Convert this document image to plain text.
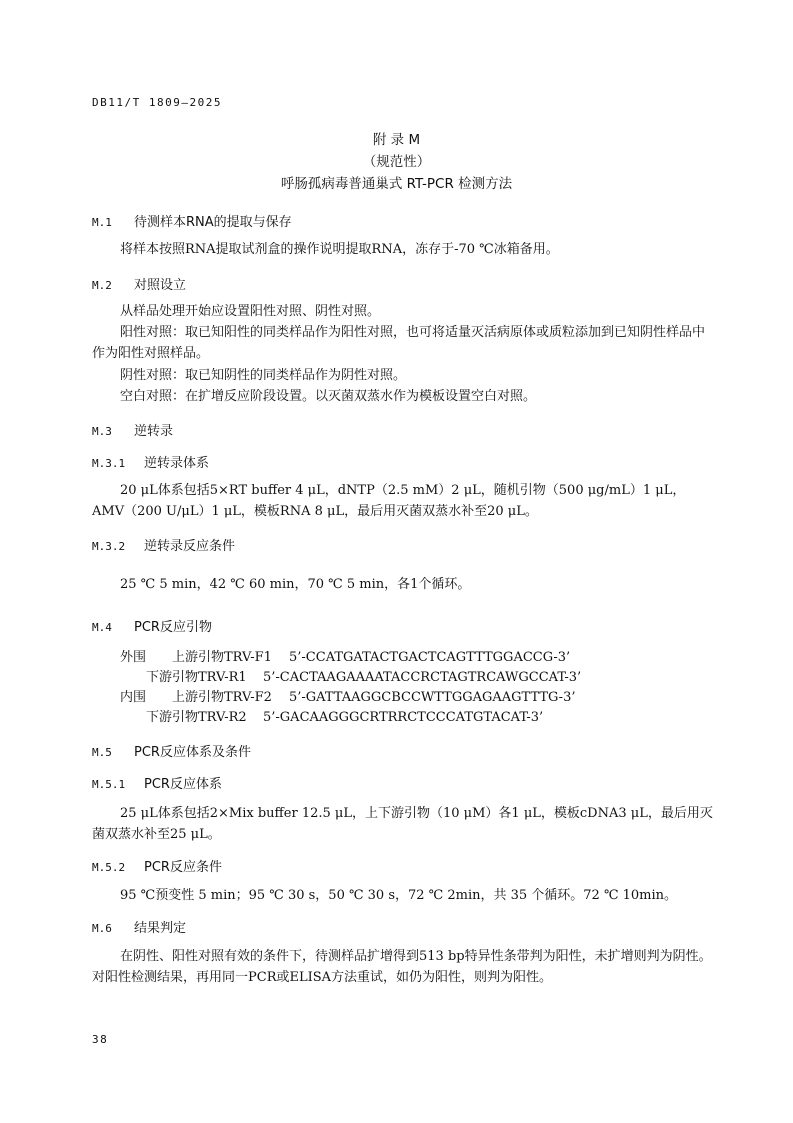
DB11/T 1809—2025
附 录 M
（规范性）
呼肠孤病毒普通巢式 RT-PCR 检测方法
M.1 待测样本RNA的提取与保存
将样本按照RNA提取试剂盒的操作说明提取RNA，冻存于-70 ℃冰箱备用。
M.2 对照设立
从样品处理开始应设置阳性对照、阴性对照。
阳性对照：取已知阳性的同类样品作为阳性对照，也可将适量灭活病原体或质粒添加到已知阴性样品中作为阳性对照样品。
阴性对照：取已知阴性的同类样品作为阴性对照。
空白对照：在扩增反应阶段设置。以灭菌双蒸水作为模板设置空白对照。
M.3 逆转录
M.3.1 逆转录体系
20 μL体系包括5×RT buffer 4 μL，dNTP（2.5 mM）2 μL，随机引物（500 μg/mL）1 μL，AMV（200 U/μL）1 μL，模板RNA 8 μL，最后用灭菌双蒸水补至20 μL。
M.3.2 逆转录反应条件
25 ℃ 5 min，42 ℃ 60 min，70 ℃ 5 min，各1个循环。
M.4 PCR反应引物
外围 上游引物TRV-F1 5’-CCATGATACTGACTCAGTTTGGACCG-3’
下游引物TRV-R1 5’-CACTAAGAAAATACCRCTAGTRCAWGCCAT-3’
内围 上游引物TRV-F2 5’-GATTAAGGCBCCWTTGGAGAAGTTTG-3’
下游引物TRV-R2 5’-GACAAGGGCRTRRCTCCCATGTACAT-3’
M.5 PCR反应体系及条件
M.5.1 PCR反应体系
25 μL体系包括2×Mix buffer 12.5 μL，上下游引物（10 μM）各1 μL，模板cDNA3 μL，最后用灭菌双蒸水补至25 μL。
M.5.2 PCR反应条件
95 ℃预变性 5 min；95 ℃ 30 s，50 ℃ 30 s，72 ℃ 2min，共 35 个循环。72 ℃ 10min。
M.6 结果判定
在阴性、阳性对照有效的条件下，待测样品扩增得到513 bp特异性条带判为阳性，未扩增则判为阴性。对阳性检测结果，再用同一PCR或ELISA方法重试，如仍为阳性，则判为阳性。
38
